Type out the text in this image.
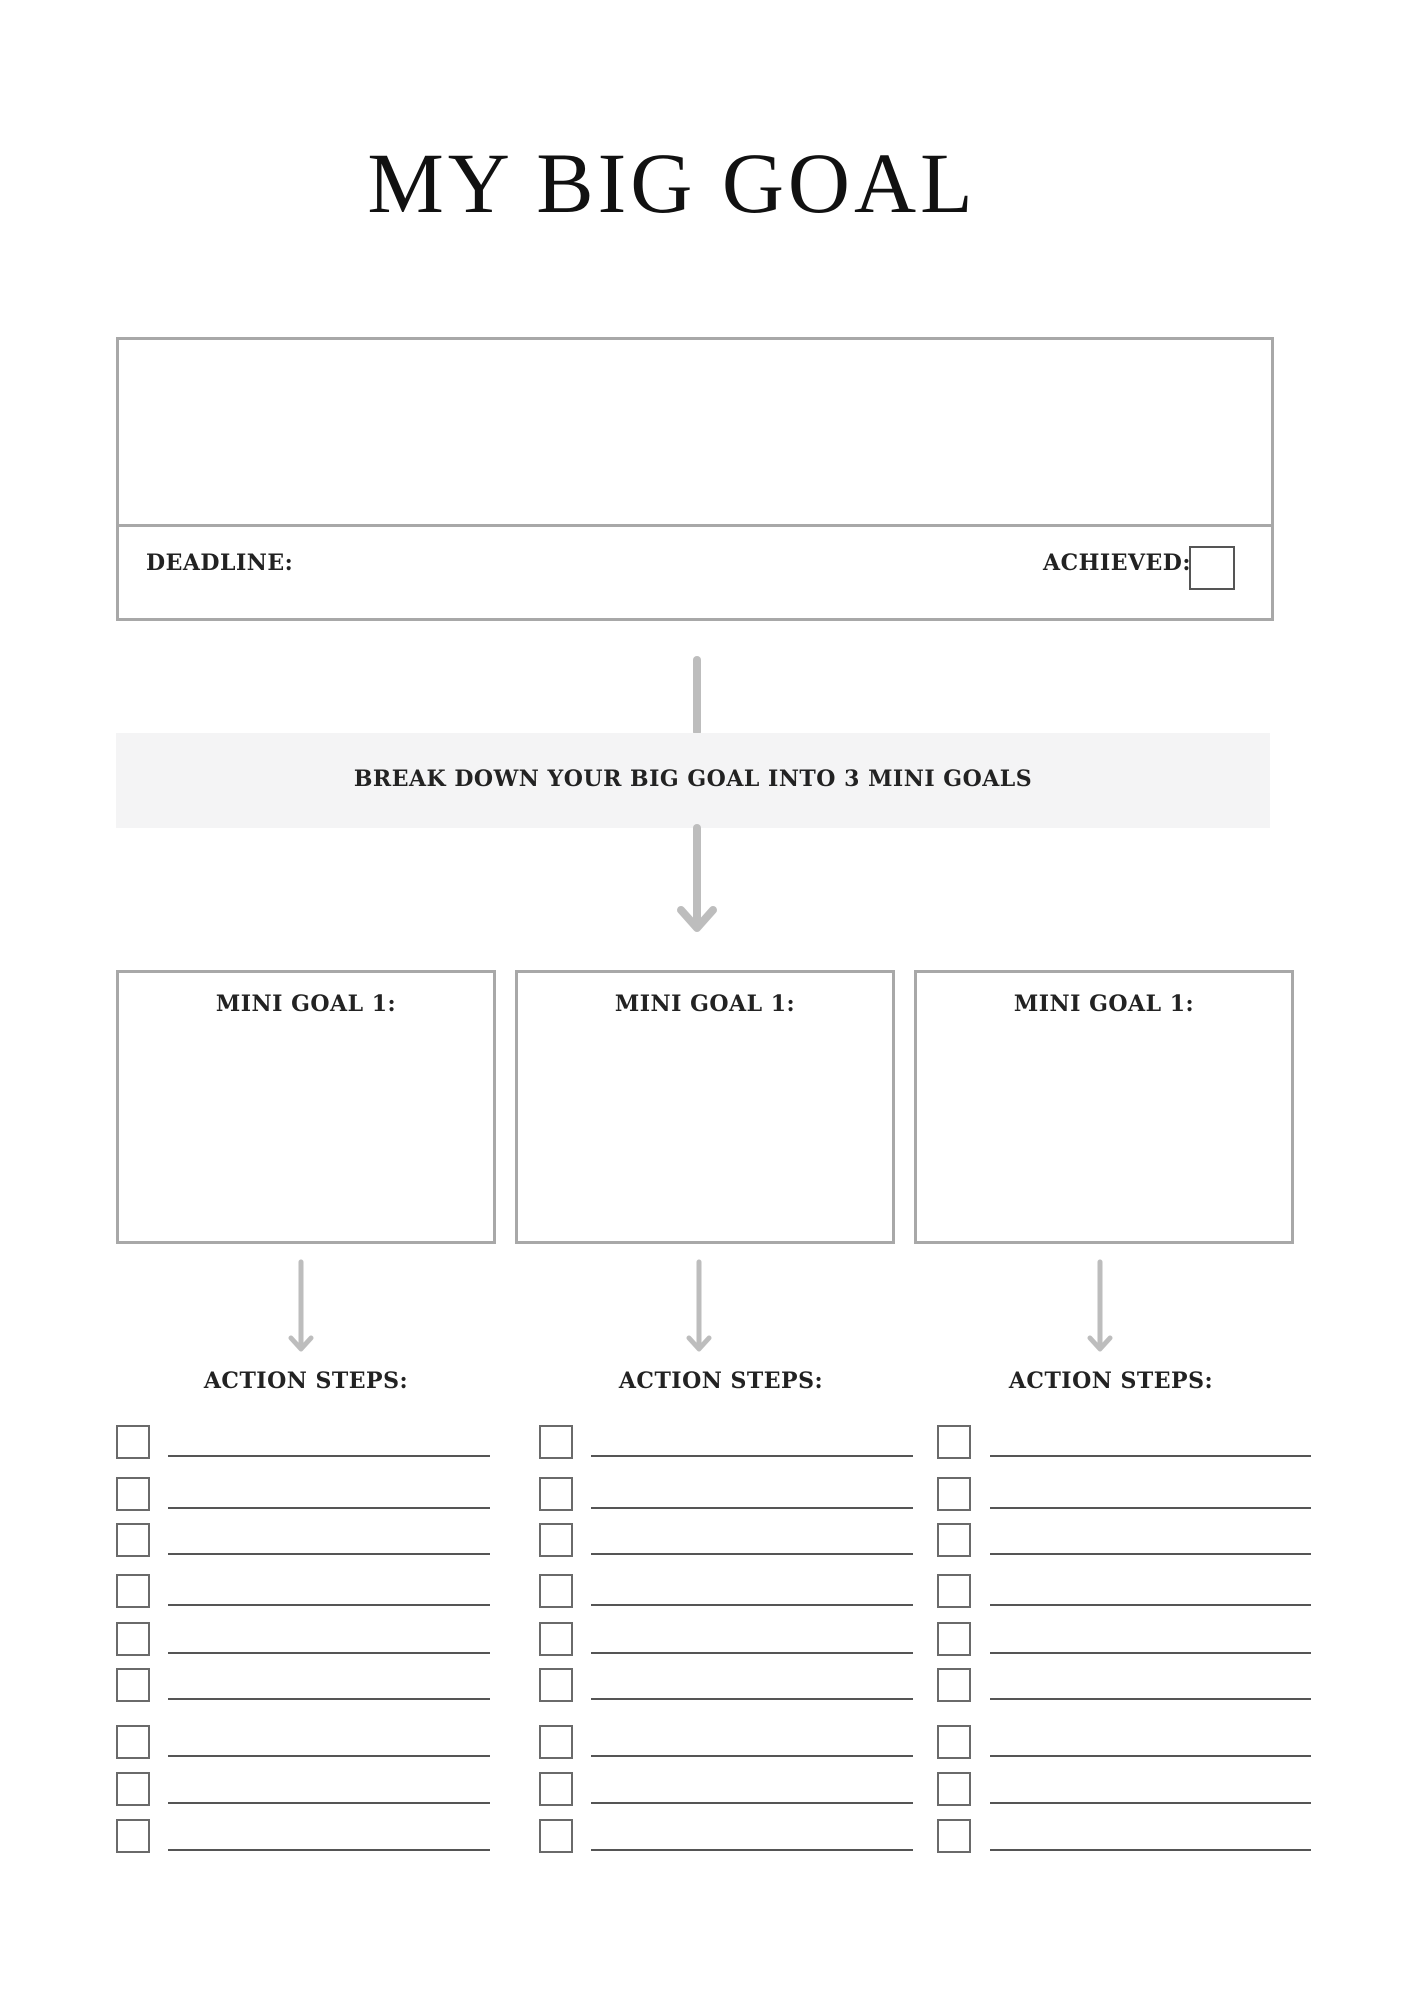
MY BIG GOAL
DEADLINE:	ACHIEVED:
BREAK DOWN YOUR BIG GOAL INTO 3 MINI GOALS
MINI GOAL 1:	MINI GOAL 1:	MINI GOAL 1:
ACTION STEPS:	ACTION STEPS:	ACTION STEPS:
